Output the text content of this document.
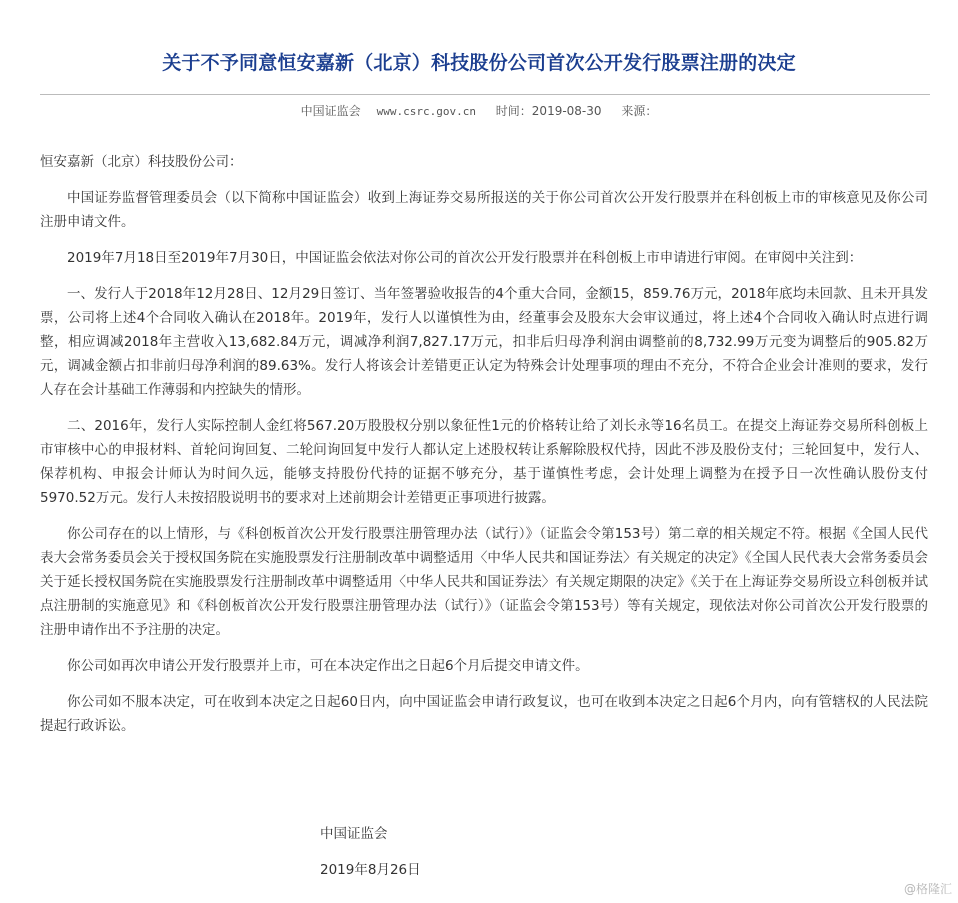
关于不予同意恒安嘉新（北京）科技股份公司首次公开发行股票注册的决定
中国证监会 www.csrc.gov.cn 时间：2019-08-30 来源：

恒安嘉新（北京）科技股份公司：

中国证券监督管理委员会（以下简称中国证监会）收到上海证券交易所报送的关于你公司首次公开发行股票并在科创板上市的审核意见及你公司注册申请文件。

2019年7月18日至2019年7月30日，中国证监会依法对你公司的首次公开发行股票并在科创板上市申请进行审阅。在审阅中关注到：

一、发行人于2018年12月28日、12月29日签订、当年签署验收报告的4个重大合同，金额15，859.76万元，2018年底均未回款、且未开具发票，公司将上述4个合同收入确认在2018年。2019年，发行人以谨慎性为由，经董事会及股东大会审议通过，将上述4个合同收入确认时点进行调整，相应调减2018年主营收入13,682.84万元，调减净利润7,827.17万元，扣非后归母净利润由调整前的8,732.99万元变为调整后的905.82万元，调减金额占扣非前归母净利润的89.63%。发行人将该会计差错更正认定为特殊会计处理事项的理由不充分，不符合企业会计准则的要求，发行人存在会计基础工作薄弱和内控缺失的情形。

二、2016年，发行人实际控制人金红将567.20万股股权分别以象征性1元的价格转让给了刘长永等16名员工。在提交上海证券交易所科创板上市审核中心的申报材料、首轮问询回复、二轮问询回复中发行人都认定上述股权转让系解除股权代持，因此不涉及股份支付；三轮回复中，发行人、保荐机构、申报会计师认为时间久远，能够支持股份代持的证据不够充分，基于谨慎性考虑，会计处理上调整为在授予日一次性确认股份支付5970.52万元。发行人未按招股说明书的要求对上述前期会计差错更正事项进行披露。

你公司存在的以上情形，与《科创板首次公开发行股票注册管理办法（试行）》（证监会令第153号）第二章的相关规定不符。根据《全国人民代表大会常务委员会关于授权国务院在实施股票发行注册制改革中调整适用〈中华人民共和国证券法〉有关规定的决定》《全国人民代表大会常务委员会关于延长授权国务院在实施股票发行注册制改革中调整适用〈中华人民共和国证券法〉有关规定期限的决定》《关于在上海证券交易所设立科创板并试点注册制的实施意见》和《科创板首次公开发行股票注册管理办法（试行）》（证监会令第153号）等有关规定，现依法对你公司首次公开发行股票的注册申请作出不予注册的决定。

你公司如再次申请公开发行股票并上市，可在本决定作出之日起6个月后提交申请文件。

你公司如不服本决定，可在收到本决定之日起60日内，向中国证监会申请行政复议，也可在收到本决定之日起6个月内，向有管辖权的人民法院提起行政诉讼。

中国证监会
2019年8月26日
@格隆汇
